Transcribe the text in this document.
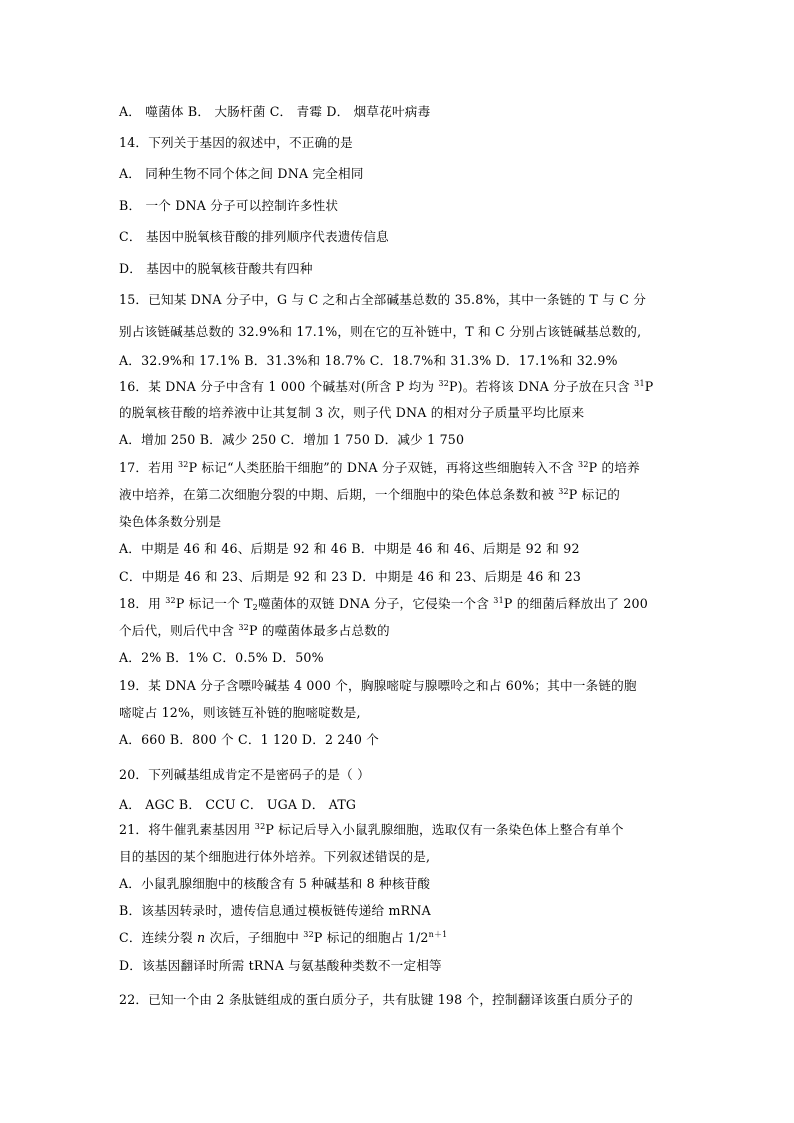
A． 噬菌体 B． 大肠杆菌 C． 青霉 D． 烟草花叶病毒
14．下列关于基因的叙述中，不正确的是
A． 同种生物不同个体之间 DNA 完全相同
B． 一个 DNA 分子可以控制许多性状
C． 基因中脱氧核苷酸的排列顺序代表遗传信息
D． 基因中的脱氧核苷酸共有四种
15．已知某 DNA 分子中，G 与 C 之和占全部碱基总数的 35.8%，其中一条链的 T 与 C 分
别占该链碱基总数的 32.9%和 17.1%，则在它的互补链中，T 和 C 分别占该链碱基总数的,
A．32.9%和 17.1% B．31.3%和 18.7% C．18.7%和 31.3% D．17.1%和 32.9%
16．某 DNA 分子中含有 1 000 个碱基对(所含 P 均为 $^{32}$P)。若将该 DNA 分子放在只含 $^{31}$P
的脱氧核苷酸的培养液中让其复制 3 次，则子代 DNA 的相对分子质量平均比原来
A．增加 250 B．减少 250 C．增加 1 750 D．减少 1 750
17．若用 $^{32}$P 标记“人类胚胎干细胞”的 DNA 分子双链，再将这些细胞转入不含 $^{32}$P 的培养
液中培养，在第二次细胞分裂的中期、后期，一个细胞中的染色体总条数和被 $^{32}$P 标记的
染色体条数分别是
A．中期是 46 和 46、后期是 92 和 46 B．中期是 46 和 46、后期是 92 和 92
C．中期是 46 和 23、后期是 92 和 23 D．中期是 46 和 23、后期是 46 和 23
18．用 $^{32}$P 标记一个 $T_2$噬菌体的双链 DNA 分子，它侵染一个含 $^{31}$P 的细菌后释放出了 200
个后代，则后代中含 $^{32}$P 的噬菌体最多占总数的
A．2% B．1% C．0.5% D．50%
19．某 DNA 分子含嘌呤碱基 4 000 个，胸腺嘧啶与腺嘌呤之和占 60%；其中一条链的胞
嘧啶占 12%，则该链互补链的胞嘧啶数是,
A．660 B．800 个 C．1 120 D．2 240 个
20．下列碱基组成肯定不是密码子的是（ ）
A． AGC B． CCU C． UGA D． ATG
21．将牛催乳素基因用 $^{32}$P 标记后导入小鼠乳腺细胞，选取仅有一条染色体上整合有单个
目的基因的某个细胞进行体外培养。下列叙述错误的是,
A．小鼠乳腺细胞中的核酸含有 5 种碱基和 8 种核苷酸
B．该基因转录时，遗传信息通过模板链传递给 mRNA
C．连续分裂 n 次后，子细胞中 $^{32}$P 标记的细胞占 $1/2^{n+1}$
D．该基因翻译时所需 tRNA 与氨基酸种类数不一定相等
22．已知一个由 2 条肽链组成的蛋白质分子，共有肽键 198 个，控制翻译该蛋白质分子的
